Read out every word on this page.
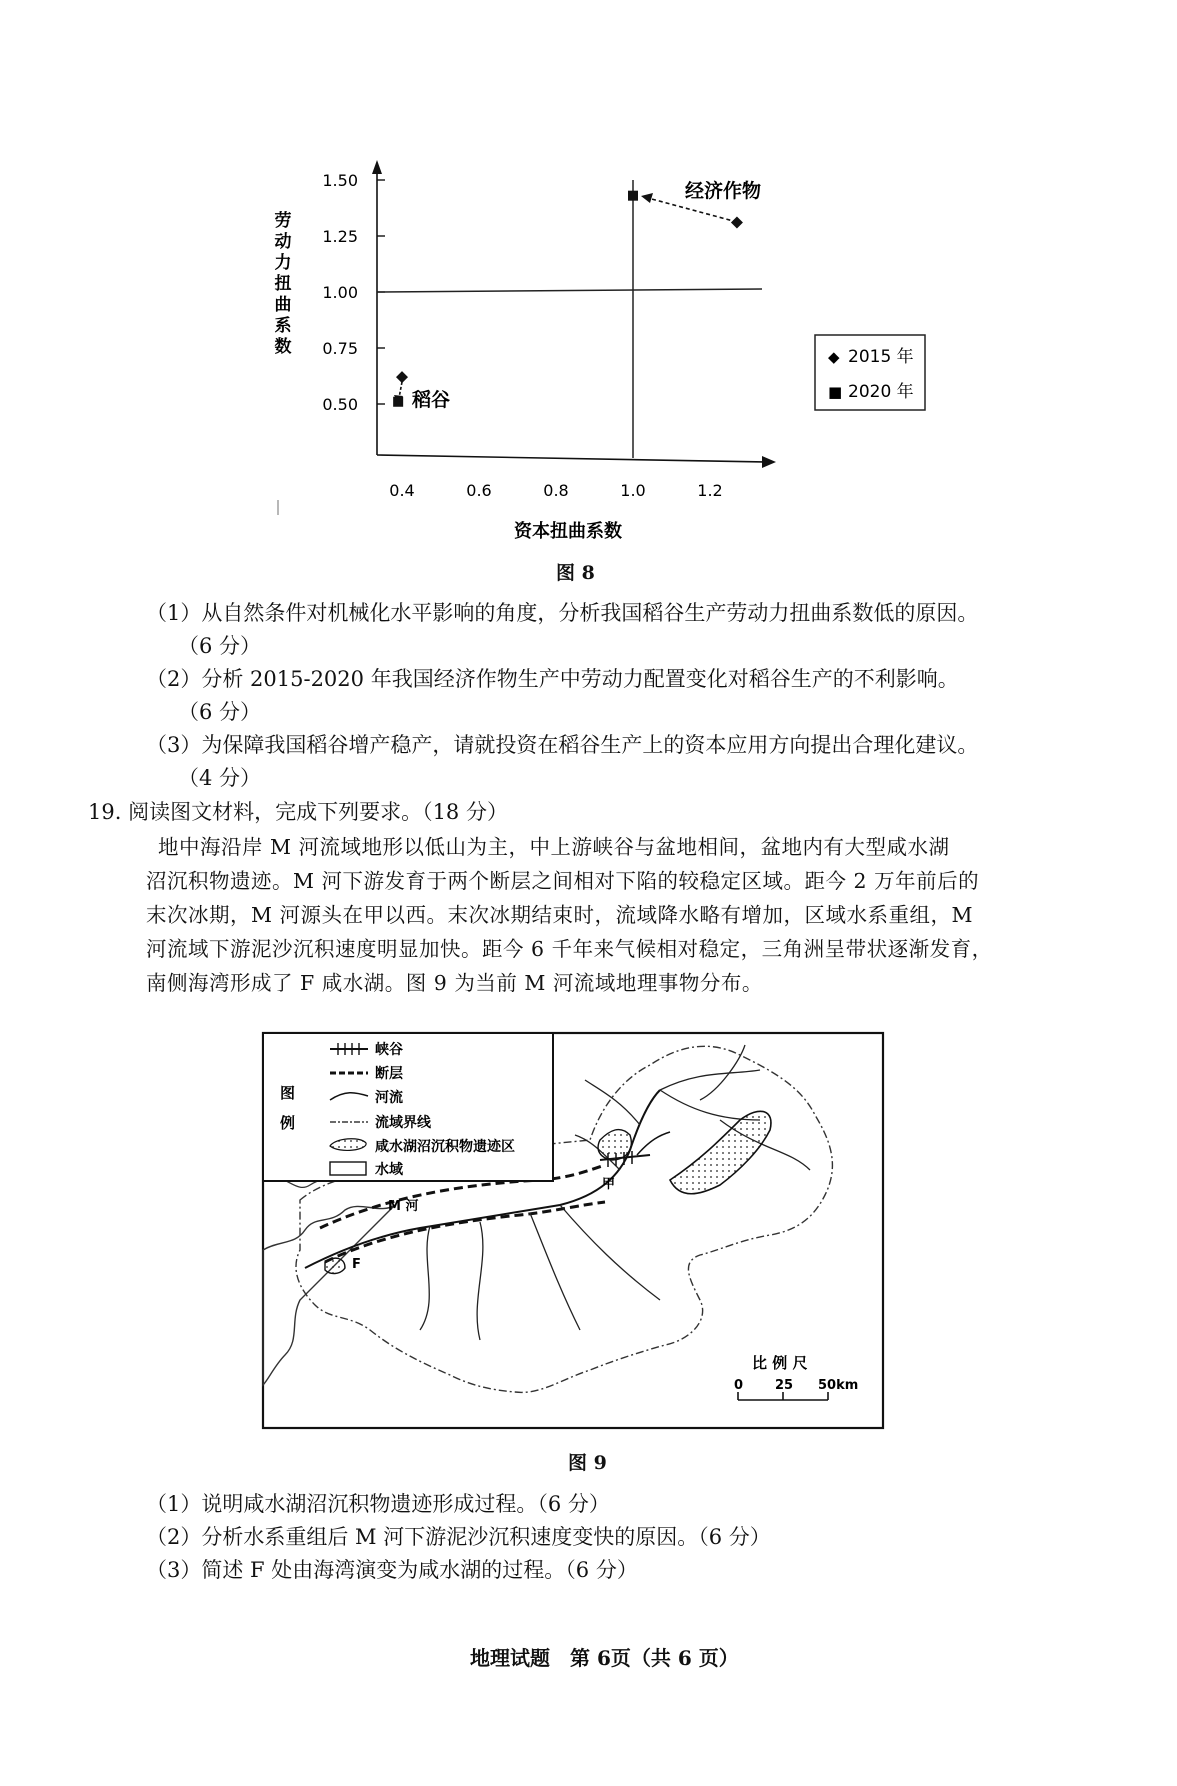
劳
动
力
扭
曲
系
数
1.50
1.25
1.00
0.75
0.50
0.4	0.6	0.8	1.0	1.2
经济作物
稻谷
资本扭曲系数
◆ 2015 年
■ 2020 年
图 8
（1）从自然条件对机械化水平影响的角度，分析我国稻谷生产劳动力扭曲系数低的原因。
（6 分）
（2）分析 2015-2020 年我国经济作物生产中劳动力配置变化对稻谷生产的不利影响。
（6 分）
（3）为保障我国稻谷增产稳产，请就投资在稻谷生产上的资本应用方向提出合理化建议。
（4 分）
19. 阅读图文材料，完成下列要求。（18 分）
地中海沿岸 M 河流域地形以低山为主，中上游峡谷与盆地相间，盆地内有大型咸水湖
沼沉积物遗迹。M 河下游发育于两个断层之间相对下陷的较稳定区域。距今 2 万年前后的
末次冰期，M 河源头在甲以西。末次冰期结束时，流域降水略有增加，区域水系重组，M
河流域下游泥沙沉积速度明显加快。距今 6 千年来气候相对稳定，三角洲呈带状逐渐发育，
南侧海湾形成了 F 咸水湖。图 9 为当前 M 河流域地理事物分布。
甲
M 河
F
图
例
峡谷
断层
河流
流域界线
咸水湖沼沉积物遗迹区
水域
比 例 尺
0 25 50km
图 9
（1）说明咸水湖沼沉积物遗迹形成过程。（6 分）
（2）分析水系重组后 M 河下游泥沙沉积速度变快的原因。（6 分）
（3）简述 F 处由海湾演变为咸水湖的过程。（6 分）
地理试题　第 6页（共 6 页）
